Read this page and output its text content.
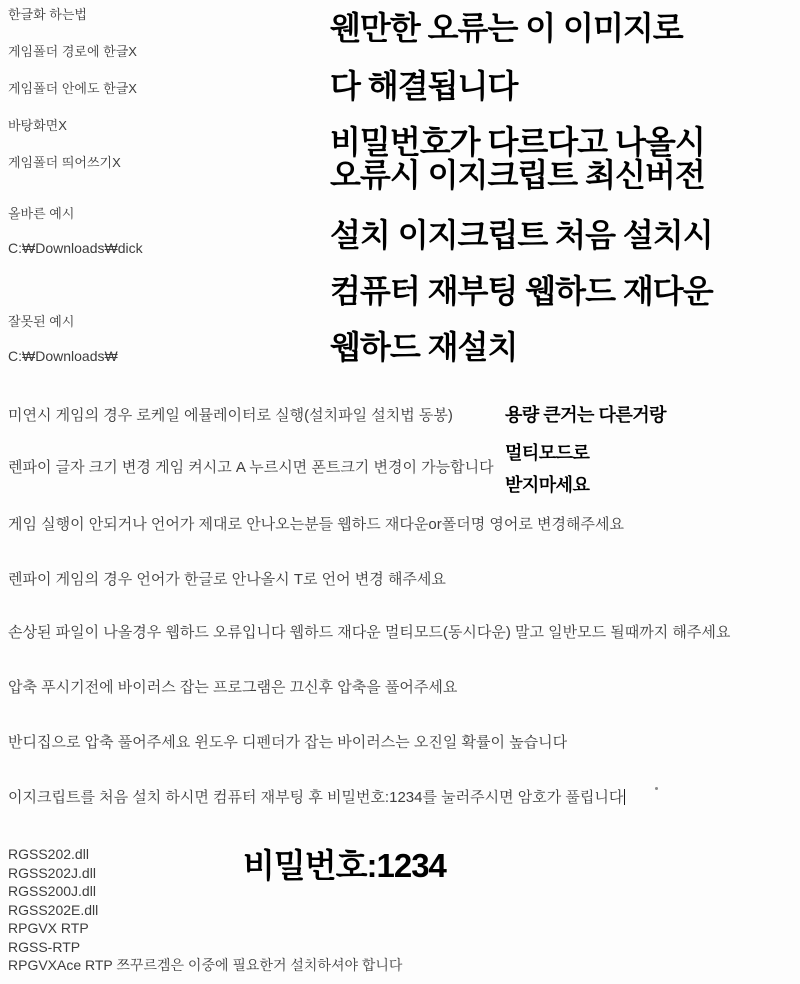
한글화 하는법
게임폴더 경로에 한글X
게임폴더 안에도 한글X
바탕화면X
게임폴더 띄어쓰기X
올바른 예시
C:₩Downloads₩dick
잘못된 예시
C:₩Downloads₩
웬만한 오류는 이 이미지로
다 해결됩니다
비밀번호가 다르다고 나올시
오류시 이지크립트 최신버전
설치 이지크립트 처음 설치시
컴퓨터 재부팅 웹하드 재다운
웹하드 재설치
용량 큰거는 다른거랑
멀티모드로
받지마세요
미연시 게임의 경우 로케일 에뮬레이터로 실행(설치파일 설치법 동봉)
렌파이 글자 크기 변경 게임 켜시고 A 누르시면 폰트크기 변경이 가능합니다
게임 실행이 안되거나 언어가 제대로 안나오는분들 웹하드 재다운or폴더명 영어로 변경해주세요
렌파이 게임의 경우 언어가 한글로 안나올시 T로 언어 변경 해주세요
손상된 파일이 나올경우 웹하드 오류입니다 웹하드 재다운 멀티모드(동시다운) 말고 일반모드 될때까지 해주세요
압축 푸시기전에 바이러스 잡는 프로그램은 끄신후 압축을 풀어주세요
반디집으로 압축 풀어주세요 윈도우 디펜더가 잡는 바이러스는 오진일 확률이 높습니다
이지크립트를 처음 설치 하시면 컴퓨터 재부팅 후 비밀번호:1234를 눌러주시면 암호가 풀립니다
비밀번호:1234
RGSS202.dll
RGSS202J.dll
RGSS200J.dll
RGSS202E.dll
RPGVX RTP
RGSS-RTP
RPGVXAce RTP 쯔꾸르겜은 이중에 필요한거 설치하셔야 합니다
